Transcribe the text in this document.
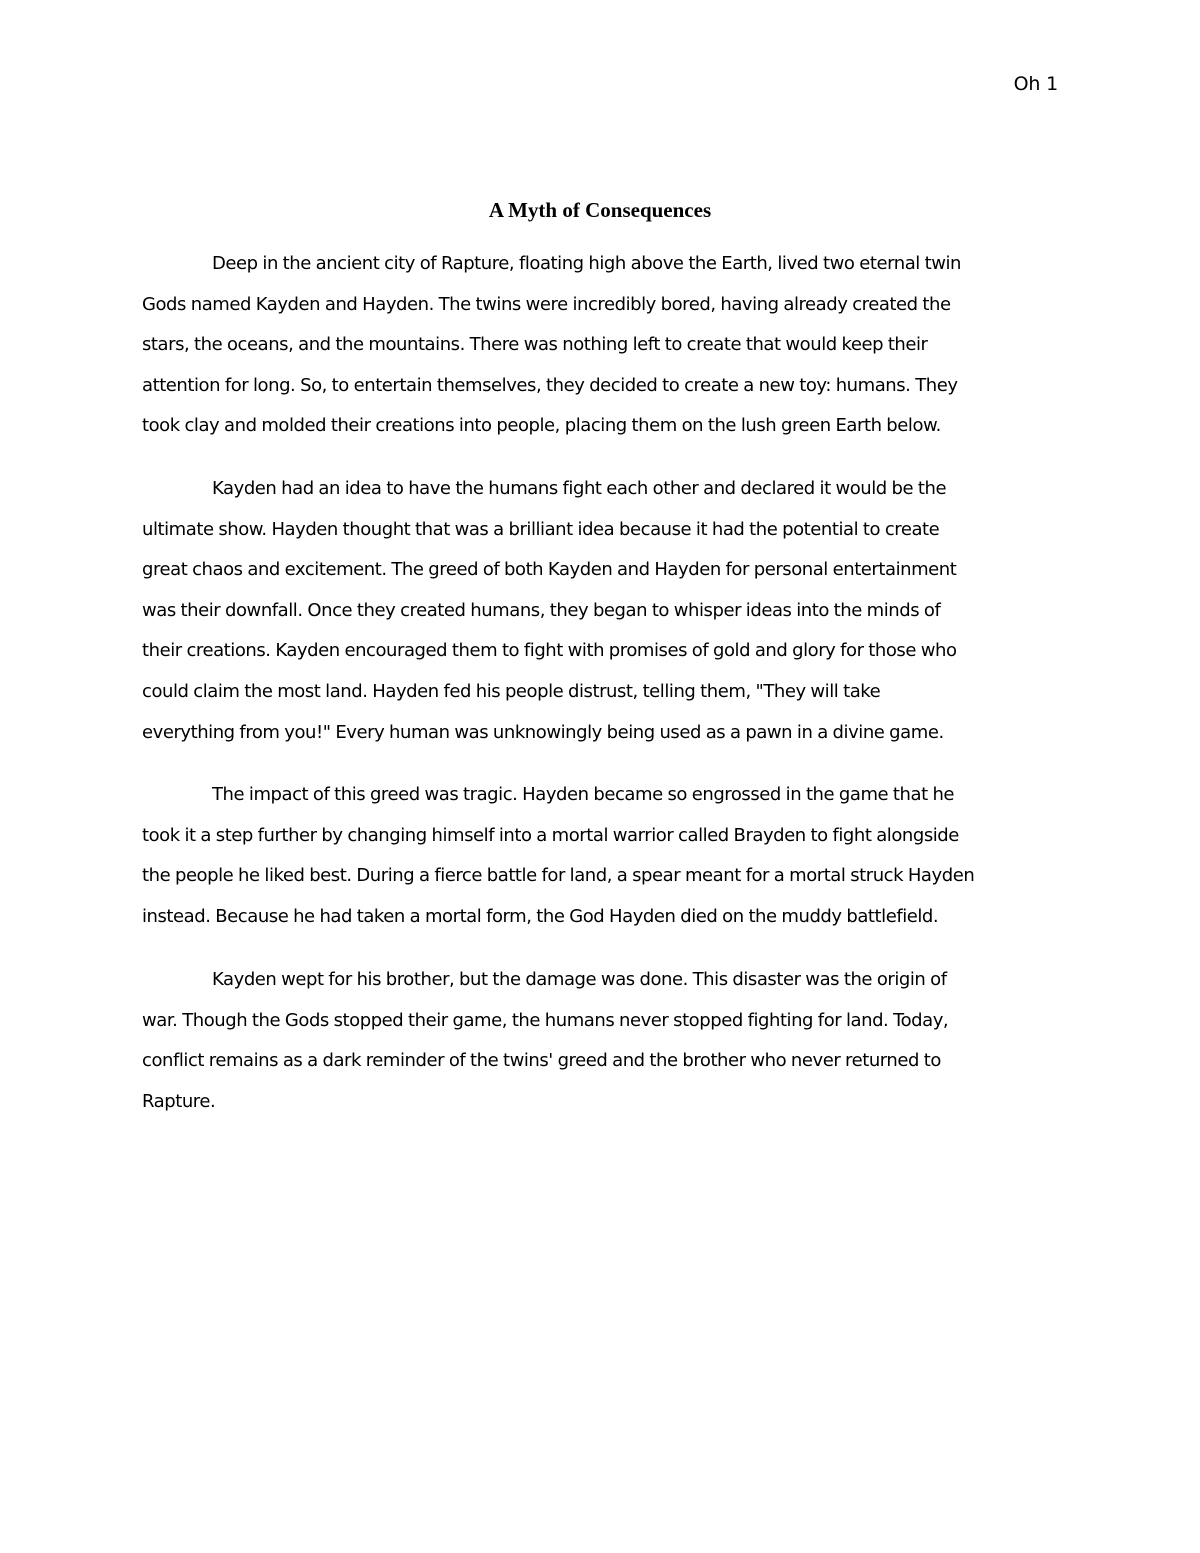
Oh 1
A Myth of Consequences

Deep in the ancient city of Rapture, floating high above the Earth, lived two eternal twin
Gods named Kayden and Hayden. The twins were incredibly bored, having already created the
stars, the oceans, and the mountains. There was nothing left to create that would keep their
attention for long. So, to entertain themselves, they decided to create a new toy: humans. They
took clay and molded their creations into people, placing them on the lush green Earth below.

Kayden had an idea to have the humans fight each other and declared it would be the
ultimate show. Hayden thought that was a brilliant idea because it had the potential to create
great chaos and excitement. The greed of both Kayden and Hayden for personal entertainment
was their downfall. Once they created humans, they began to whisper ideas into the minds of
their creations. Kayden encouraged them to fight with promises of gold and glory for those who
could claim the most land. Hayden fed his people distrust, telling them, "They will take
everything from you!" Every human was unknowingly being used as a pawn in a divine game.

The impact of this greed was tragic. Hayden became so engrossed in the game that he
took it a step further by changing himself into a mortal warrior called Brayden to fight alongside
the people he liked best. During a fierce battle for land, a spear meant for a mortal struck Hayden
instead. Because he had taken a mortal form, the God Hayden died on the muddy battlefield.

Kayden wept for his brother, but the damage was done. This disaster was the origin of
war. Though the Gods stopped their game, the humans never stopped fighting for land. Today,
conflict remains as a dark reminder of the twins' greed and the brother who never returned to
Rapture.
